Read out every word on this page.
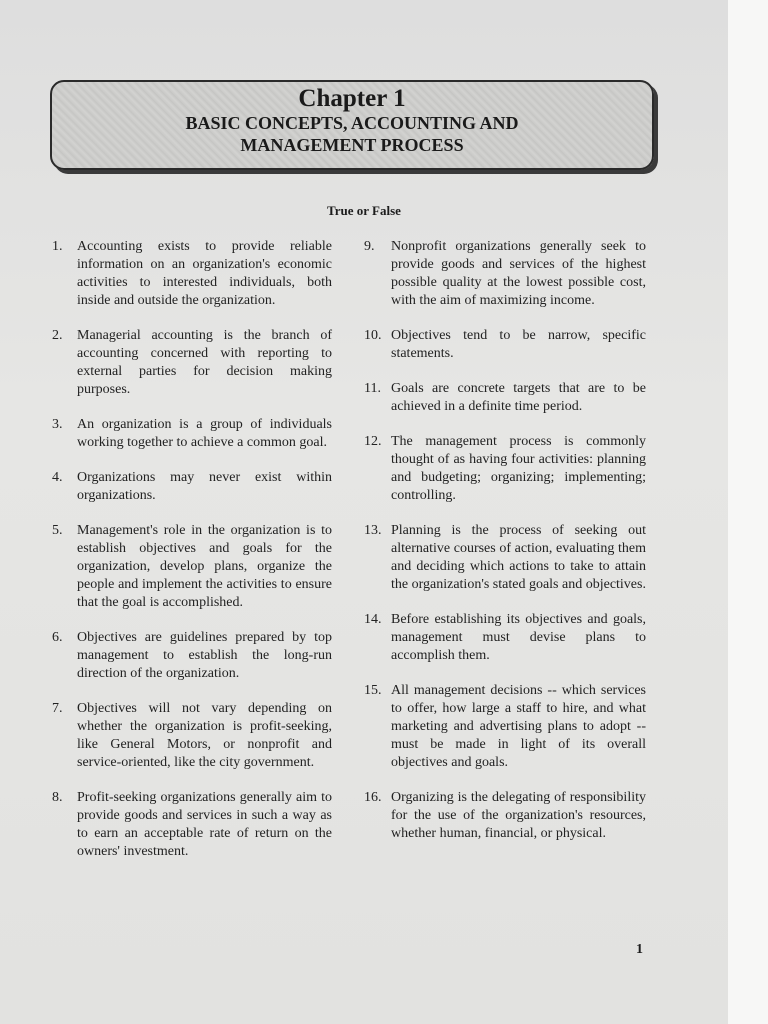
Chapter 1
BASIC CONCEPTS, ACCOUNTING AND MANAGEMENT PROCESS
True or False
1.	Accounting exists to provide reliable information on an organization's economic activities to interested individuals, both inside and outside the organization.
2.	Managerial accounting is the branch of accounting concerned with reporting to external parties for decision making purposes.
3.	An organization is a group of individuals working together to achieve a common goal.
4.	Organizations may never exist within organizations.
5.	Management's role in the organization is to establish objectives and goals for the organization, develop plans, organize the people and implement the activities to ensure that the goal is accomplished.
6.	Objectives are guidelines prepared by top management to establish the long-run direction of the organization.
7.	Objectives will not vary depending on whether the organization is profit-seeking, like General Motors, or nonprofit and service-oriented, like the city government.
8.	Profit-seeking organizations generally aim to provide goods and services in such a way as to earn an acceptable rate of return on the owners' investment.
9.	Nonprofit organizations generally seek to provide goods and services of the highest possible quality at the lowest possible cost, with the aim of maximizing income.
10. Objectives tend to be narrow, specific statements.
11. Goals are concrete targets that are to be achieved in a definite time period.
12. The management process is commonly thought of as having four activities: planning and budgeting; organizing; implementing; controlling.
13. Planning is the process of seeking out alternative courses of action, evaluating them and deciding which actions to take to attain the organization's stated goals and objectives.
14. Before establishing its objectives and goals, management must devise plans to accomplish them.
15. All management decisions -- which services to offer, how large a staff to hire, and what marketing and advertising plans to adopt -- must be made in light of its overall objectives and goals.
16. Organizing is the delegating of responsibility for the use of the organization's resources, whether human, financial, or physical.
1
